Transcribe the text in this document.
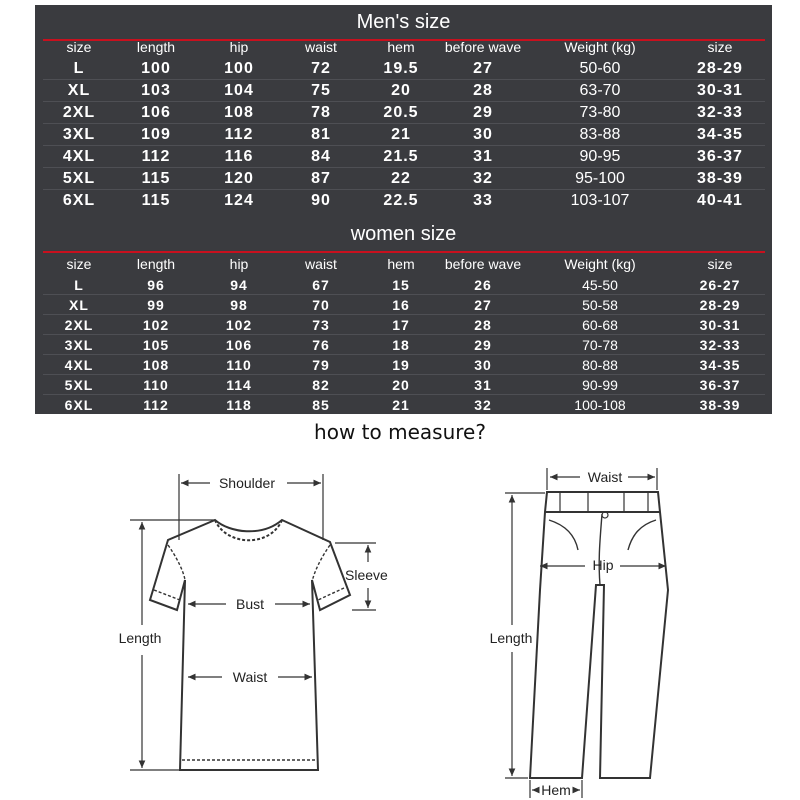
Men's size
size	length	hip	waist	hem	before wave	Weight (kg)	size
L	100	100	72	19.5	27	50-60	28-29
XL	103	104	75	20	28	63-70	30-31
2XL	106	108	78	20.5	29	73-80	32-33
3XL	109	112	81	21	30	83-88	34-35
4XL	112	116	84	21.5	31	90-95	36-37
5XL	115	120	87	22	32	95-100	38-39
6XL	115	124	90	22.5	33	103-107	40-41
women size
size	length	hip	waist	hem	before wave	Weight (kg)	size
L	96	94	67	15	26	45-50	26-27
XL	99	98	70	16	27	50-58	28-29
2XL	102	102	73	17	28	60-68	30-31
3XL	105	106	76	18	29	70-78	32-33
4XL	108	110	79	19	30	80-88	34-35
5XL	110	114	82	20	31	90-99	36-37
6XL	112	118	85	21	32	100-108	38-39
how to measure?
Shoulder
Sleeve
Bust
Length
Waist
Waist
Hip
Length
Hem
